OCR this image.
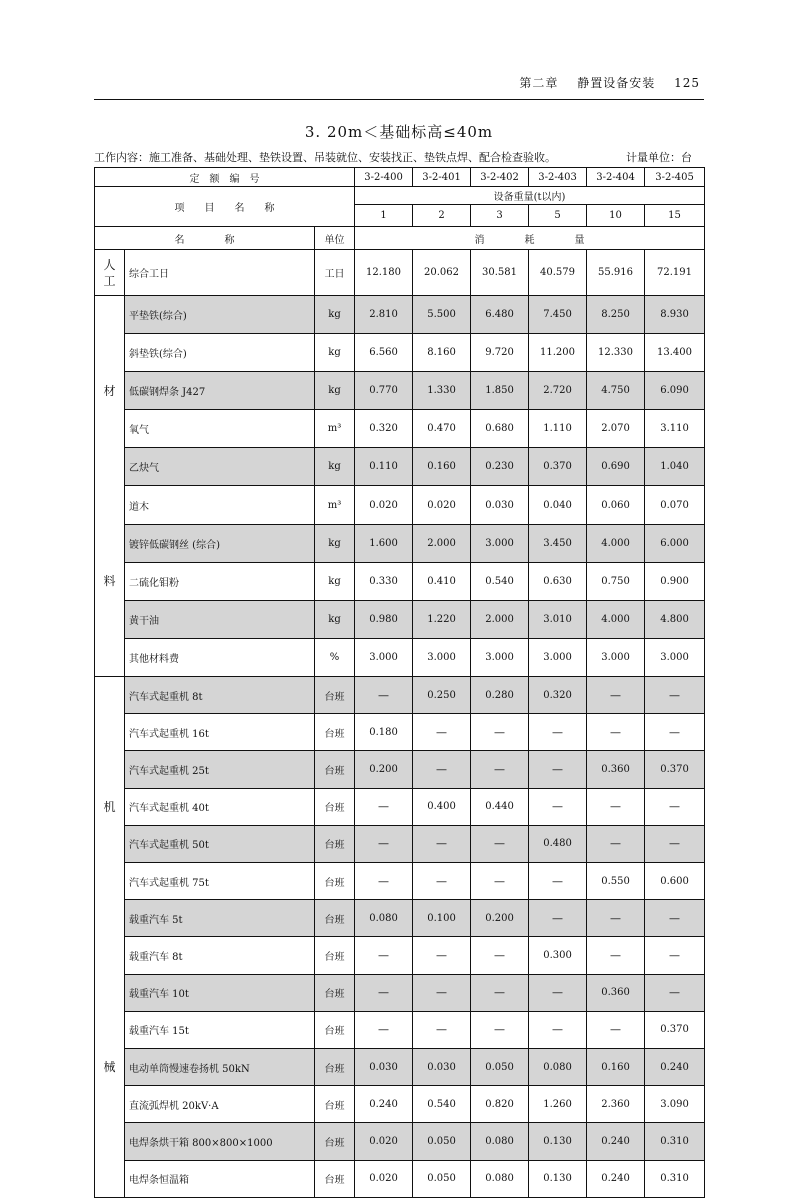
第二章 静置设备安装 125
3. 20m＜基础标高≤40m
工作内容：施工准备、基础处理、垫铁设置、吊装就位、安装找正、垫铁点焊、配合检查验收。	计量单位：台
定　额　编　号			3-2-400	3-2-401	3-2-402	3-2-403	3-2-404	3-2-405
项　　目　　名　　称			设备重量(t以内)					
			1	2	3	5	10	15
名　　　　称		单位	消　　　　耗　　　　量					
人工	综合工日	工日	12.180	20.062	30.581	40.579	55.916	72.191
材料	平垫铁(综合)	kg	2.810	5.500	6.480	7.450	8.250	8.930
	斜垫铁(综合)	kg	6.560	8.160	9.720	11.200	12.330	13.400
	低碳钢焊条 J427	kg	0.770	1.330	1.850	2.720	4.750	6.090
	氧气	m³	0.320	0.470	0.680	1.110	2.070	3.110
	乙炔气	kg	0.110	0.160	0.230	0.370	0.690	1.040
	道木	m³	0.020	0.020	0.030	0.040	0.060	0.070
	镀锌低碳钢丝 (综合)	kg	1.600	2.000	3.000	3.450	4.000	6.000
	二硫化钼粉	kg	0.330	0.410	0.540	0.630	0.750	0.900
	黄干油	kg	0.980	1.220	2.000	3.010	4.000	4.800
	其他材料费	%	3.000	3.000	3.000	3.000	3.000	3.000
机械	汽车式起重机 8t	台班	—	0.250	0.280	0.320	—	—
	汽车式起重机 16t	台班	0.180	—	—	—	—	—
	汽车式起重机 25t	台班	0.200	—	—	—	0.360	0.370
	汽车式起重机 40t	台班	—	0.400	0.440	—	—	—
	汽车式起重机 50t	台班	—	—	—	0.480	—	—
	汽车式起重机 75t	台班	—	—	—	—	0.550	0.600
	载重汽车 5t	台班	0.080	0.100	0.200	—	—	—
	载重汽车 8t	台班	—	—	—	0.300	—	—
	载重汽车 10t	台班	—	—	—	—	0.360	—
	载重汽车 15t	台班	—	—	—	—	—	0.370
	电动单筒慢速卷扬机 50kN	台班	0.030	0.030	0.050	0.080	0.160	0.240
	直流弧焊机 20kV·A	台班	0.240	0.540	0.820	1.260	2.360	3.090
	电焊条烘干箱 800×800×1000	台班	0.020	0.050	0.080	0.130	0.240	0.310
	电焊条恒温箱	台班	0.020	0.050	0.080	0.130	0.240	0.310
